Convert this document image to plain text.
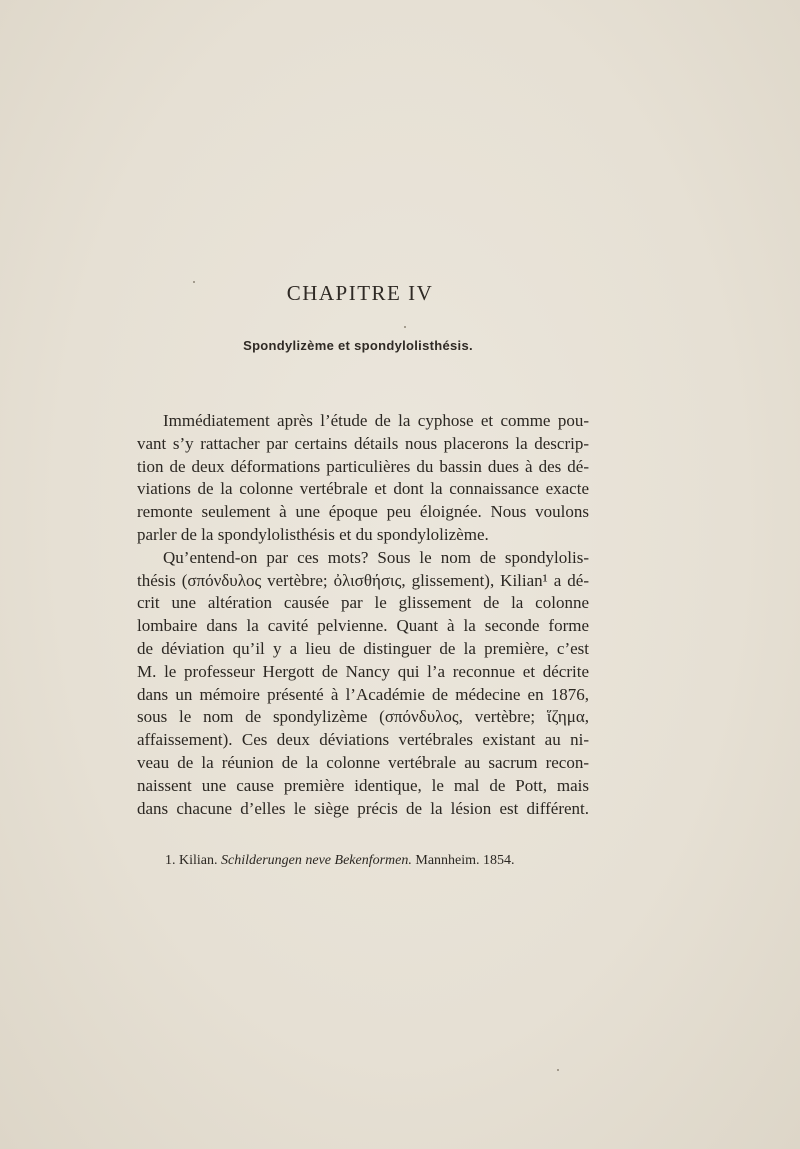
CHAPITRE IV
Spondylizème et spondylolisthésis.
Immédiatement après l’étude de la cyphose et comme pou-
vant s’y rattacher par certains détails nous placerons la descrip-
tion de deux déformations particulières du bassin dues à des dé-
viations de la colonne vertébrale et dont la connaissance exacte
remonte seulement à une époque peu éloignée. Nous voulons
parler de la spondylolisthésis et du spondylolizème.
Qu’entend-on par ces mots? Sous le nom de spondylolis-
thésis (σπόνδυλος vertèbre; ὀλισθήσις, glissement), Kilian¹ a dé-
crit une altération causée par le glissement de la colonne
lombaire dans la cavité pelvienne. Quant à la seconde forme
de déviation qu’il y a lieu de distinguer de la première, c’est
M. le professeur Hergott de Nancy qui l’a reconnue et décrite
dans un mémoire présenté à l’Académie de médecine en 1876,
sous le nom de spondylizème (σπόνδυλος, vertèbre; ἵζημα,
affaissement). Ces deux déviations vertébrales existant au ni-
veau de la réunion de la colonne vertébrale au sacrum recon-
naissent une cause première identique, le mal de Pott, mais
dans chacune d’elles le siège précis de la lésion est différent.
1. Kilian. Schilderungen neve Bekenformen. Mannheim. 1854.
